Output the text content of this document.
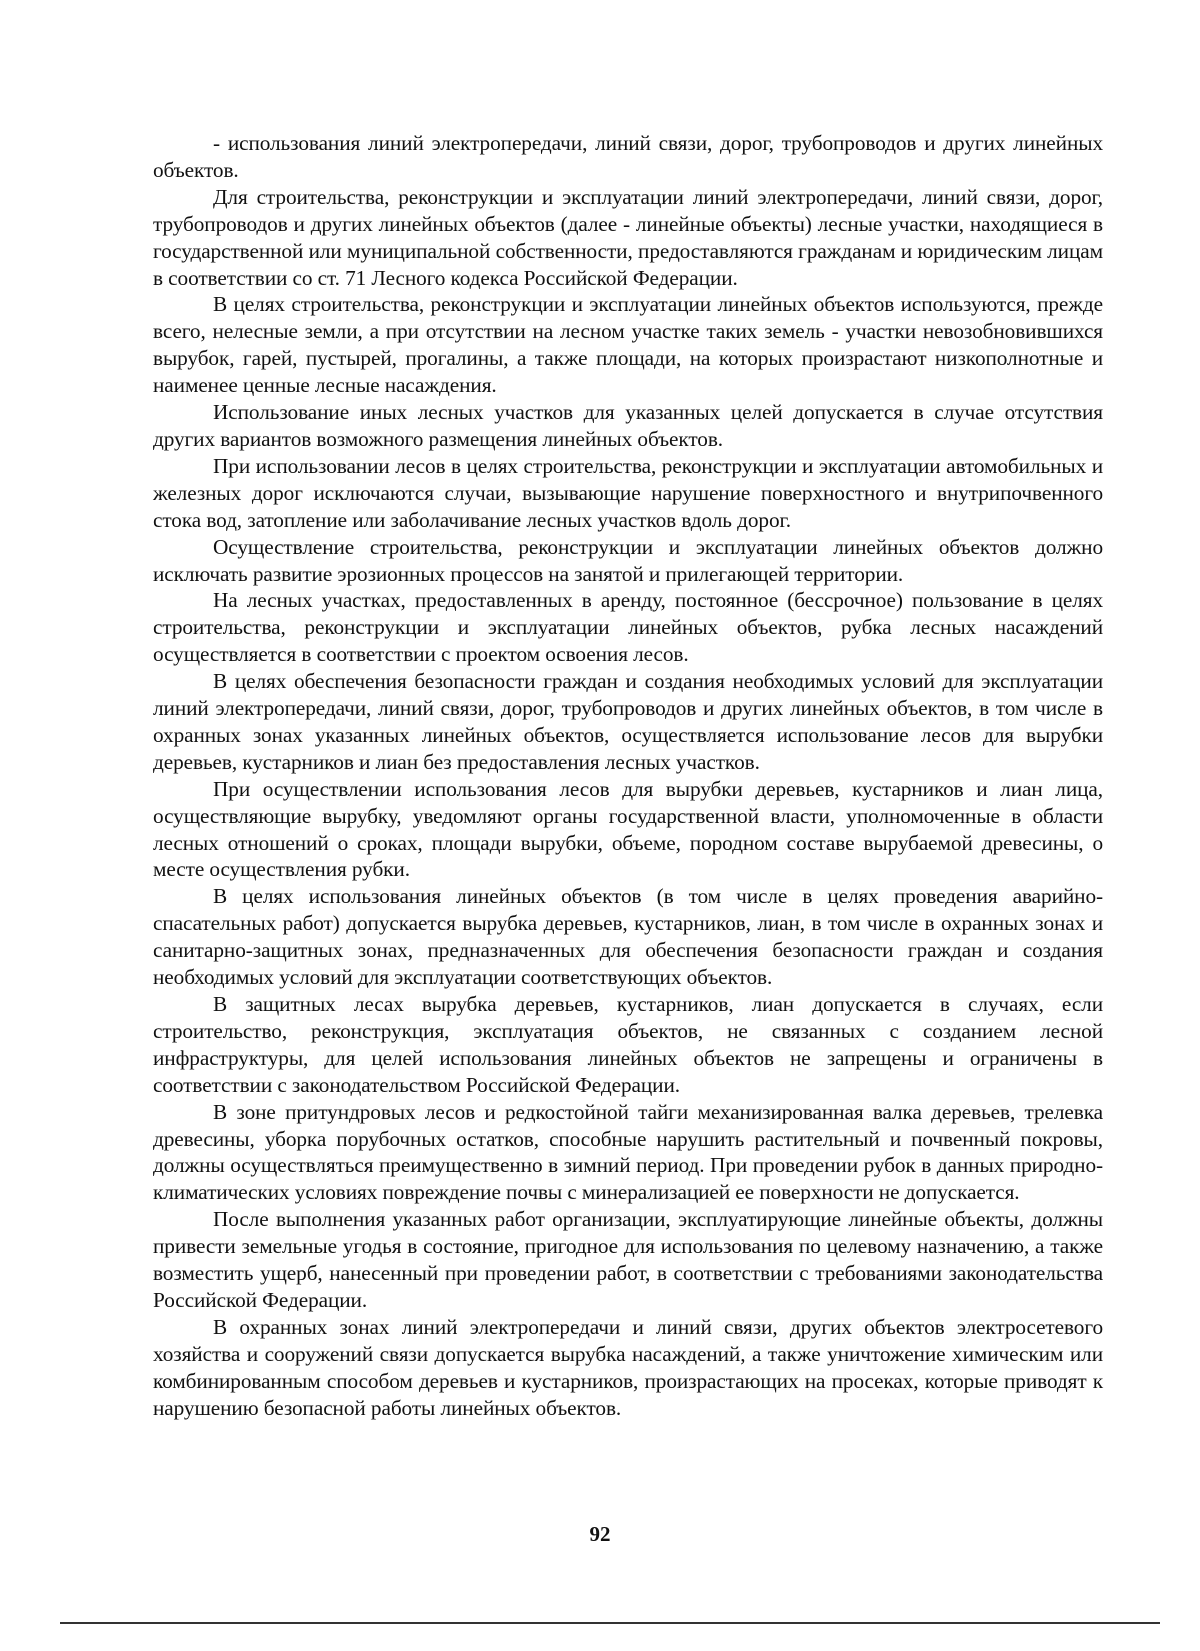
- использования линий электропередачи, линий связи, дорог, трубопроводов и других линейных объектов.

Для строительства, реконструкции и эксплуатации линий электропередачи, линий связи, дорог, трубопроводов и других линейных объектов (далее - линейные объекты) лесные участки, находящиеся в государственной или муниципальной собственности, предоставляются гражданам и юридическим лицам в соответствии со ст. 71 Лесного кодекса Российской Федерации.

В целях строительства, реконструкции и эксплуатации линейных объектов используются, прежде всего, нелесные земли, а при отсутствии на лесном участке таких земель - участки невозобновившихся вырубок, гарей, пустырей, прогалины, а также площади, на которых произрастают низкополнотные и наименее ценные лесные насаждения.

Использование иных лесных участков для указанных целей допускается в случае отсутствия других вариантов возможного размещения линейных объектов.

При использовании лесов в целях строительства, реконструкции и эксплуатации автомобильных и железных дорог исключаются случаи, вызывающие нарушение поверхностного и внутрипочвенного стока вод, затопление или заболачивание лесных участков вдоль дорог.

Осуществление строительства, реконструкции и эксплуатации линейных объектов должно исключать развитие эрозионных процессов на занятой и прилегающей территории.

На лесных участках, предоставленных в аренду, постоянное (бессрочное) пользование в целях строительства, реконструкции и эксплуатации линейных объектов, рубка лесных насаждений осуществляется в соответствии с проектом освоения лесов.

В целях обеспечения безопасности граждан и создания необходимых условий для эксплуатации линий электропередачи, линий связи, дорог, трубопроводов и других линейных объектов, в том числе в охранных зонах указанных линейных объектов, осуществляется использование лесов для вырубки деревьев, кустарников и лиан без предоставления лесных участков.

При осуществлении использования лесов для вырубки деревьев, кустарников и лиан лица, осуществляющие вырубку, уведомляют органы государственной власти, уполномоченные в области лесных отношений о сроках, площади вырубки, объеме, породном составе вырубаемой древесины, о месте осуществления рубки.

В целях использования линейных объектов (в том числе в целях проведения аварийно-спасательных работ) допускается вырубка деревьев, кустарников, лиан, в том числе в охранных зонах и санитарно-защитных зонах, предназначенных для обеспечения безопасности граждан и создания необходимых условий для эксплуатации соответствующих объектов.

В защитных лесах вырубка деревьев, кустарников, лиан допускается в случаях, если строительство, реконструкция, эксплуатация объектов, не связанных с созданием лесной инфраструктуры, для целей использования линейных объектов не запрещены и ограничены в соответствии с законодательством Российской Федерации.

В зоне притундровых лесов и редкостойной тайги механизированная валка деревьев, трелевка древесины, уборка порубочных остатков, способные нарушить растительный и почвенный покровы, должны осуществляться преимущественно в зимний период. При проведении рубок в данных природно-климатических условиях повреждение почвы с минерализацией ее поверхности не допускается.

После выполнения указанных работ организации, эксплуатирующие линейные объекты, должны привести земельные угодья в состояние, пригодное для использования по целевому назначению, а также возместить ущерб, нанесенный при проведении работ, в соответствии с требованиями законодательства Российской Федерации.

В охранных зонах линий электропередачи и линий связи, других объектов электросетевого хозяйства и сооружений связи допускается вырубка насаждений, а также уничтожение химическим или комбинированным способом деревьев и кустарников, произрастающих на просеках, которые приводят к нарушению безопасной работы линейных объектов.

92
